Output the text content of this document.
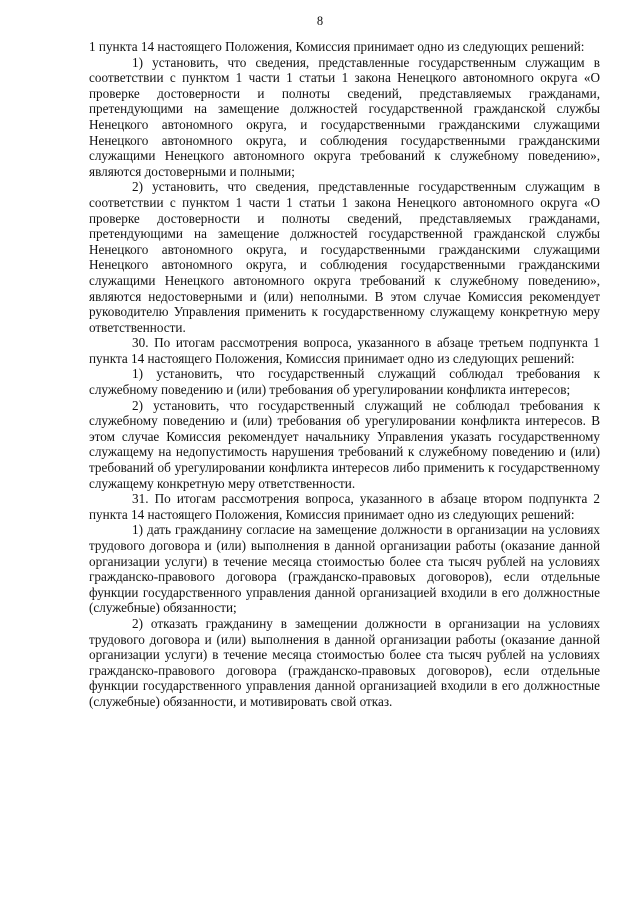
8

1 пункта 14 настоящего Положения, Комиссия принимает одно из следующих решений:

1) установить, что сведения, представленные государственным служащим в соответствии с пунктом 1 части 1 статьи 1 закона Ненецкого автономного округа «О проверке достоверности и полноты сведений, представляемых гражданами, претендующими на замещение должностей государственной гражданской службы Ненецкого автономного округа, и государственными гражданскими служащими Ненецкого автономного округа, и соблюдения государственными гражданскими служащими Ненецкого автономного округа требований к служебному поведению», являются достоверными и полными;

2) установить, что сведения, представленные государственным служащим в соответствии с пунктом 1 части 1 статьи 1 закона Ненецкого автономного округа «О проверке достоверности и полноты сведений, представляемых гражданами, претендующими на замещение должностей государственной гражданской службы Ненецкого автономного округа, и государственными гражданскими служащими Ненецкого автономного округа, и соблюдения государственными гражданскими служащими Ненецкого автономного округа требований к служебному поведению», являются недостоверными и (или) неполными. В этом случае Комиссия рекомендует руководителю Управления применить к государственному служащему конкретную меру ответственности.

30. По итогам рассмотрения вопроса, указанного в абзаце третьем подпункта 1 пункта 14 настоящего Положения, Комиссия принимает одно из следующих решений:

1) установить, что государственный служащий соблюдал требования к служебному поведению и (или) требования об урегулировании конфликта интересов;

2) установить, что государственный служащий не соблюдал требования к служебному поведению и (или) требования об урегулировании конфликта интересов. В этом случае Комиссия рекомендует начальнику Управления указать государственному служащему на недопустимость нарушения требований к служебному поведению и (или) требований об урегулировании конфликта интересов либо применить к государственному служащему конкретную меру ответственности.

31. По итогам рассмотрения вопроса, указанного в абзаце втором подпункта 2 пункта 14 настоящего Положения, Комиссия принимает одно из следующих решений:

1) дать гражданину согласие на замещение должности в организации на условиях трудового договора и (или) выполнения в данной организации работы (оказание данной организации услуги) в течение месяца стоимостью более ста тысяч рублей на условиях гражданско-правового договора (гражданско-правовых договоров), если отдельные функции государственного управления данной организацией входили в его должностные (служебные) обязанности;

2) отказать гражданину в замещении должности в организации на условиях трудового договора и (или) выполнения в данной организации работы (оказание данной организации услуги) в течение месяца стоимостью более ста тысяч рублей на условиях гражданско-правового договора (гражданско-правовых договоров), если отдельные функции государственного управления данной организацией входили в его должностные (служебные) обязанности, и мотивировать свой отказ.
